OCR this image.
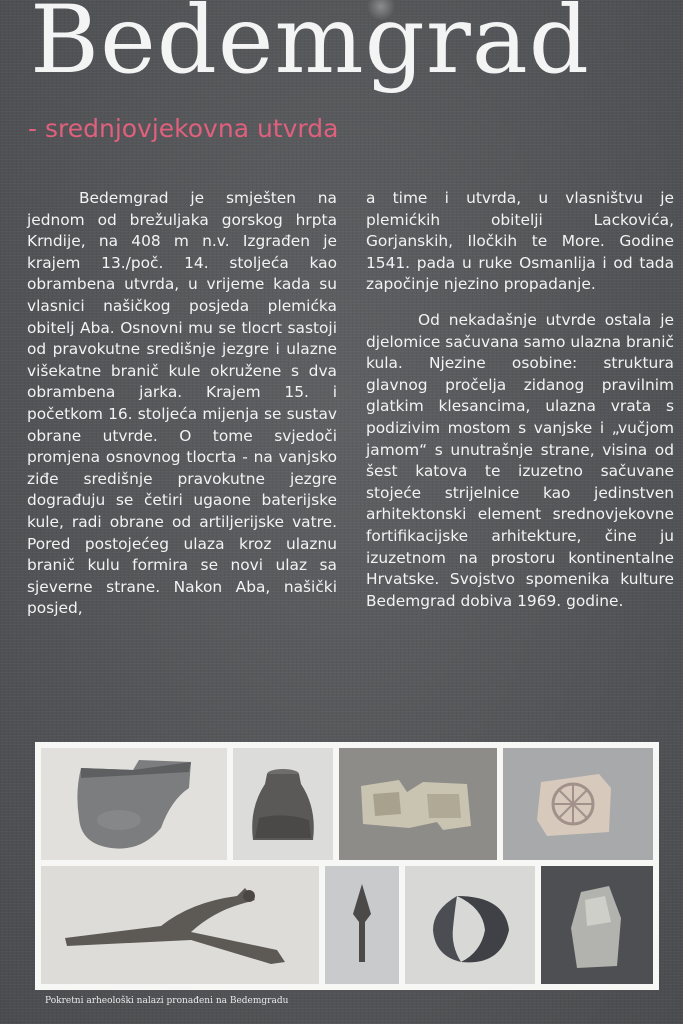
Bedemgrad
- srednjovjekovna utvrda

Bedemgrad je smješten na jednom od brežuljaka gorskog hrpta Krndije, na 408 m n.v. Izgrađen je krajem 13./poč. 14. stoljeća kao obrambena utvrda, u vrijeme kada su vlasnici našičkog posjeda plemićka obitelj Aba. Osnovni mu se tlocrt sastoji od pravokutne središnje jezgre i ulazne višekatne branič kule okružene s dva obrambena jarka. Krajem 15. i početkom 16. stoljeća mijenja se sustav obrane utvrde. O tome svjedoči promjena osnovnog tlocrta - na vanjsko ziđe središnje pravokutne jezgre dograđuju se četiri ugaone baterijske kule, radi obrane od artiljerijske vatre. Pored postojećeg ulaza kroz ulaznu branič kulu formira se novi ulaz sa sjeverne strane. Nakon Aba, našički posjed,

a time i utvrda, u vlasništvu je plemićkih obitelji Lackovića, Gorjanskih, Iločkih te More. Godine 1541. pada u ruke Osmanlija i od tada započinje njezino propadanje.

Od nekadašnje utvrde ostala je djelomice sačuvana samo ulazna branič kula. Njezine osobine: struktura glavnog pročelja zidanog pravilnim glatkim klesancima, ulazna vrata s podizivim mostom s vanjske i „vučjom jamom“ s unutrašnje strane, visina od šest katova te izuzetno sačuvane stojeće strijelnice kao jedinstven arhitektonski element srednovjekovne fortifikacijske arhitekture, čine ju izuzetnom na prostoru kontinentalne Hrvatske. Svojstvo spomenika kulture Bedemgrad dobiva 1969. godine.

Pokretni arheološki nalazi pronađeni na Bedemgradu
